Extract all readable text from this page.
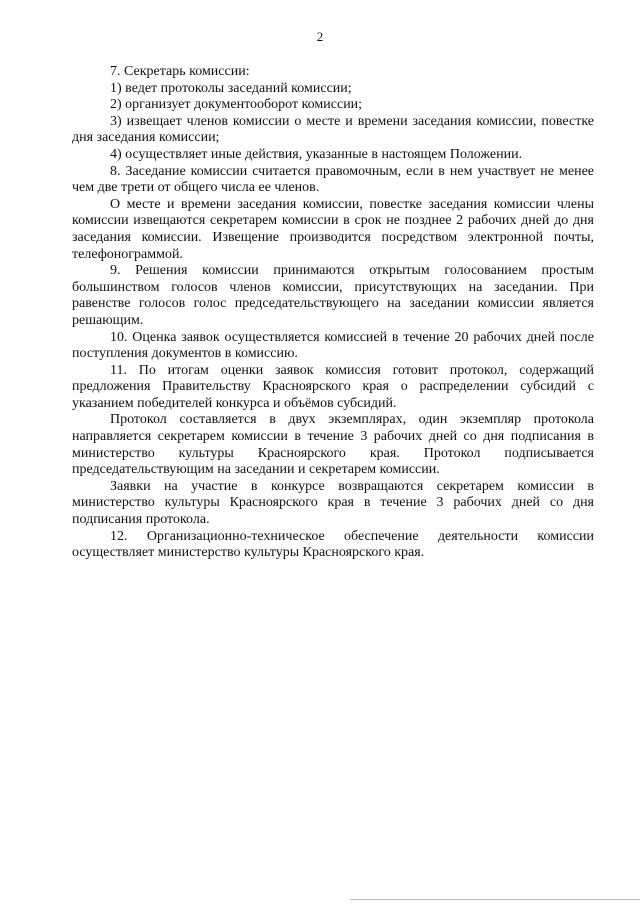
2

7. Секретарь комиссии:

1) ведет протоколы заседаний комиссии;

2) организует документооборот комиссии;

3) извещает членов комиссии о месте и времени заседания комиссии, повестке дня заседания комиссии;

4) осуществляет иные действия, указанные в настоящем Положении.

8. Заседание комиссии считается правомочным, если в нем участвует не менее чем две трети от общего числа ее членов.

О месте и времени заседания комиссии, повестке заседания комиссии члены комиссии извещаются секретарем комиссии в срок не позднее 2 рабочих дней до дня заседания комиссии. Извещение производится посредством электронной почты, телефонограммой.

9. Решения комиссии принимаются открытым голосованием простым большинством голосов членов комиссии, присутствующих на заседании. При равенстве голосов голос председательствующего на заседании комиссии является решающим.

10. Оценка заявок осуществляется комиссией в течение 20 рабочих дней после поступления документов в комиссию.

11. По итогам оценки заявок комиссия готовит протокол, содержащий предложения Правительству Красноярского края о распределении субсидий с указанием победителей конкурса и объёмов субсидий.

Протокол составляется в двух экземплярах, один экземпляр протокола направляется секретарем комиссии в течение 3 рабочих дней со дня подписания в министерство культуры Красноярского края. Протокол подписывается председательствующим на заседании и секретарем комиссии.

Заявки на участие в конкурсе возвращаются секретарем комиссии в министерство культуры Красноярского края в течение 3 рабочих дней со дня подписания протокола.

12. Организационно-техническое обеспечение деятельности комиссии осуществляет министерство культуры Красноярского края.
